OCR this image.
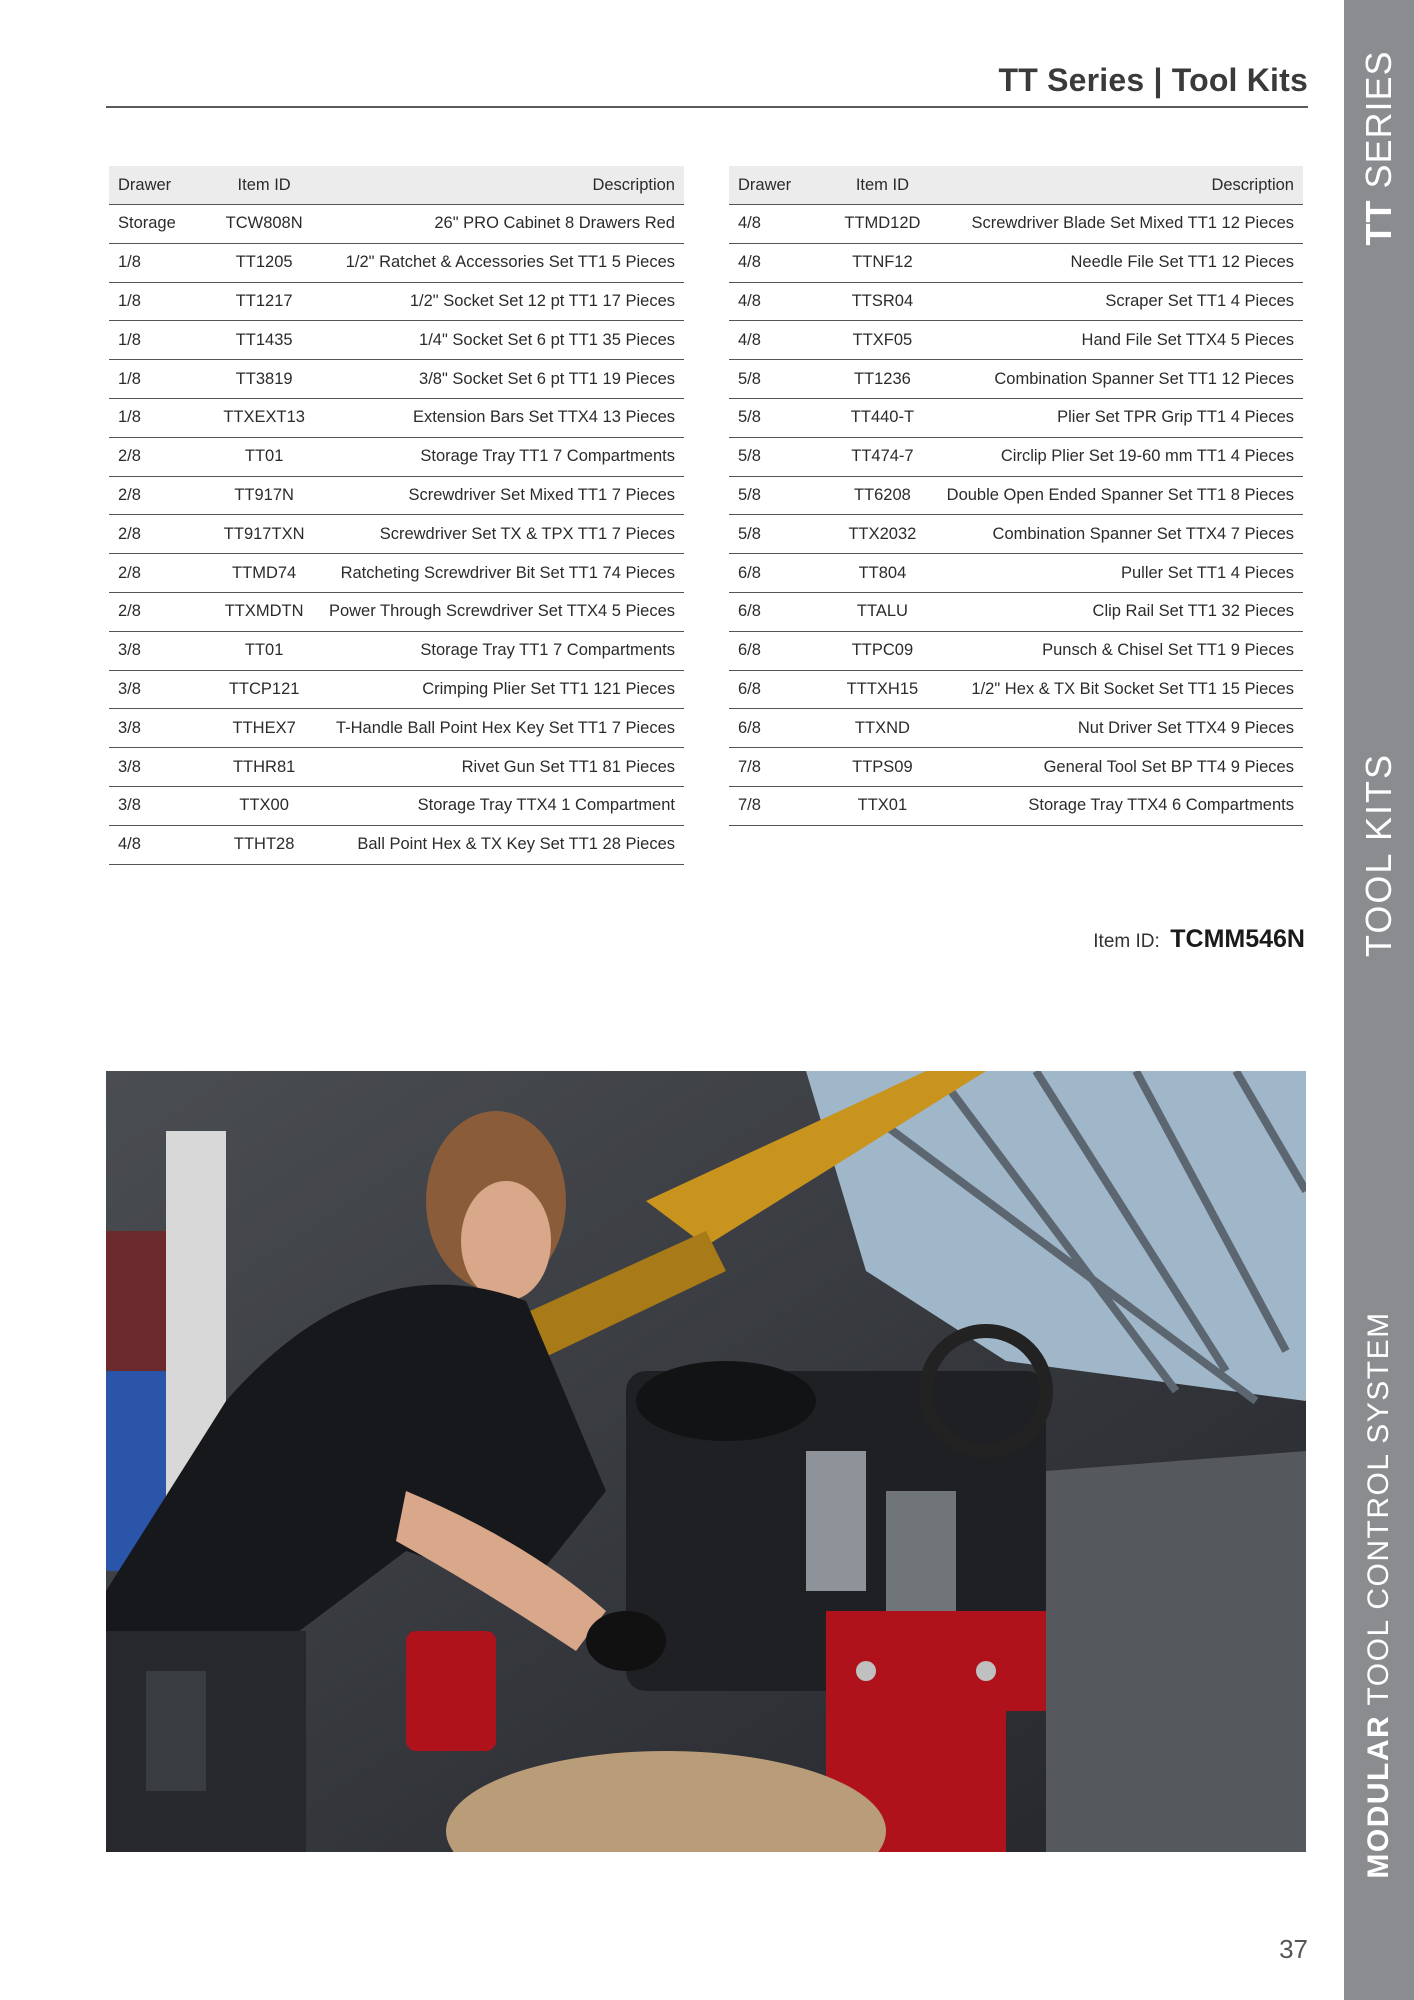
TT Series | Tool Kits
Drawer	Item ID	Description
Storage	TCW808N	26" PRO Cabinet 8 Drawers Red
1/8	TT1205	1/2" Ratchet & Accessories Set TT1 5 Pieces
1/8	TT1217	1/2" Socket Set 12 pt TT1 17 Pieces
1/8	TT1435	1/4" Socket Set 6 pt TT1 35 Pieces
1/8	TT3819	3/8" Socket Set 6 pt TT1 19 Pieces
1/8	TTXEXT13	Extension Bars Set TTX4 13 Pieces
2/8	TT01	Storage Tray TT1 7 Compartments
2/8	TT917N	Screwdriver Set Mixed TT1 7 Pieces
2/8	TT917TXN	Screwdriver Set TX & TPX TT1 7 Pieces
2/8	TTMD74	Ratcheting Screwdriver Bit Set TT1 74 Pieces
2/8	TTXMDTN	Power Through Screwdriver Set TTX4 5 Pieces
3/8	TT01	Storage Tray TT1 7 Compartments
3/8	TTCP121	Crimping Plier Set TT1 121 Pieces
3/8	TTHEX7	T-Handle Ball Point Hex Key Set TT1 7 Pieces
3/8	TTHR81	Rivet Gun Set TT1 81 Pieces
3/8	TTX00	Storage Tray TTX4 1 Compartment
4/8	TTHT28	Ball Point Hex & TX Key Set TT1 28 Pieces
Drawer	Item ID	Description
4/8	TTMD12D	Screwdriver Blade Set Mixed TT1 12 Pieces
4/8	TTNF12	Needle File Set TT1 12 Pieces
4/8	TTSR04	Scraper Set TT1 4 Pieces
4/8	TTXF05	Hand File Set TTX4 5 Pieces
5/8	TT1236	Combination Spanner Set TT1 12 Pieces
5/8	TT440-T	Plier Set TPR Grip TT1 4 Pieces
5/8	TT474-7	Circlip Plier Set 19-60 mm TT1 4 Pieces
5/8	TT6208	Double Open Ended Spanner Set TT1 8 Pieces
5/8	TTX2032	Combination Spanner Set TTX4 7 Pieces
6/8	TT804	Puller Set TT1 4 Pieces
6/8	TTALU	Clip Rail Set TT1 32 Pieces
6/8	TTPC09	Punsch & Chisel Set TT1 9 Pieces
6/8	TTTXH15	1/2" Hex & TX Bit Socket Set TT1 15 Pieces
6/8	TTXND	Nut Driver Set TTX4 9 Pieces
7/8	TTPS09	General Tool Set BP TT4 9 Pieces
7/8	TTX01	Storage Tray TTX4 6 Compartments
Item ID: TCMM546N
37
TT SERIES
TOOL KITS
MODULAR TOOL CONTROL SYSTEM
